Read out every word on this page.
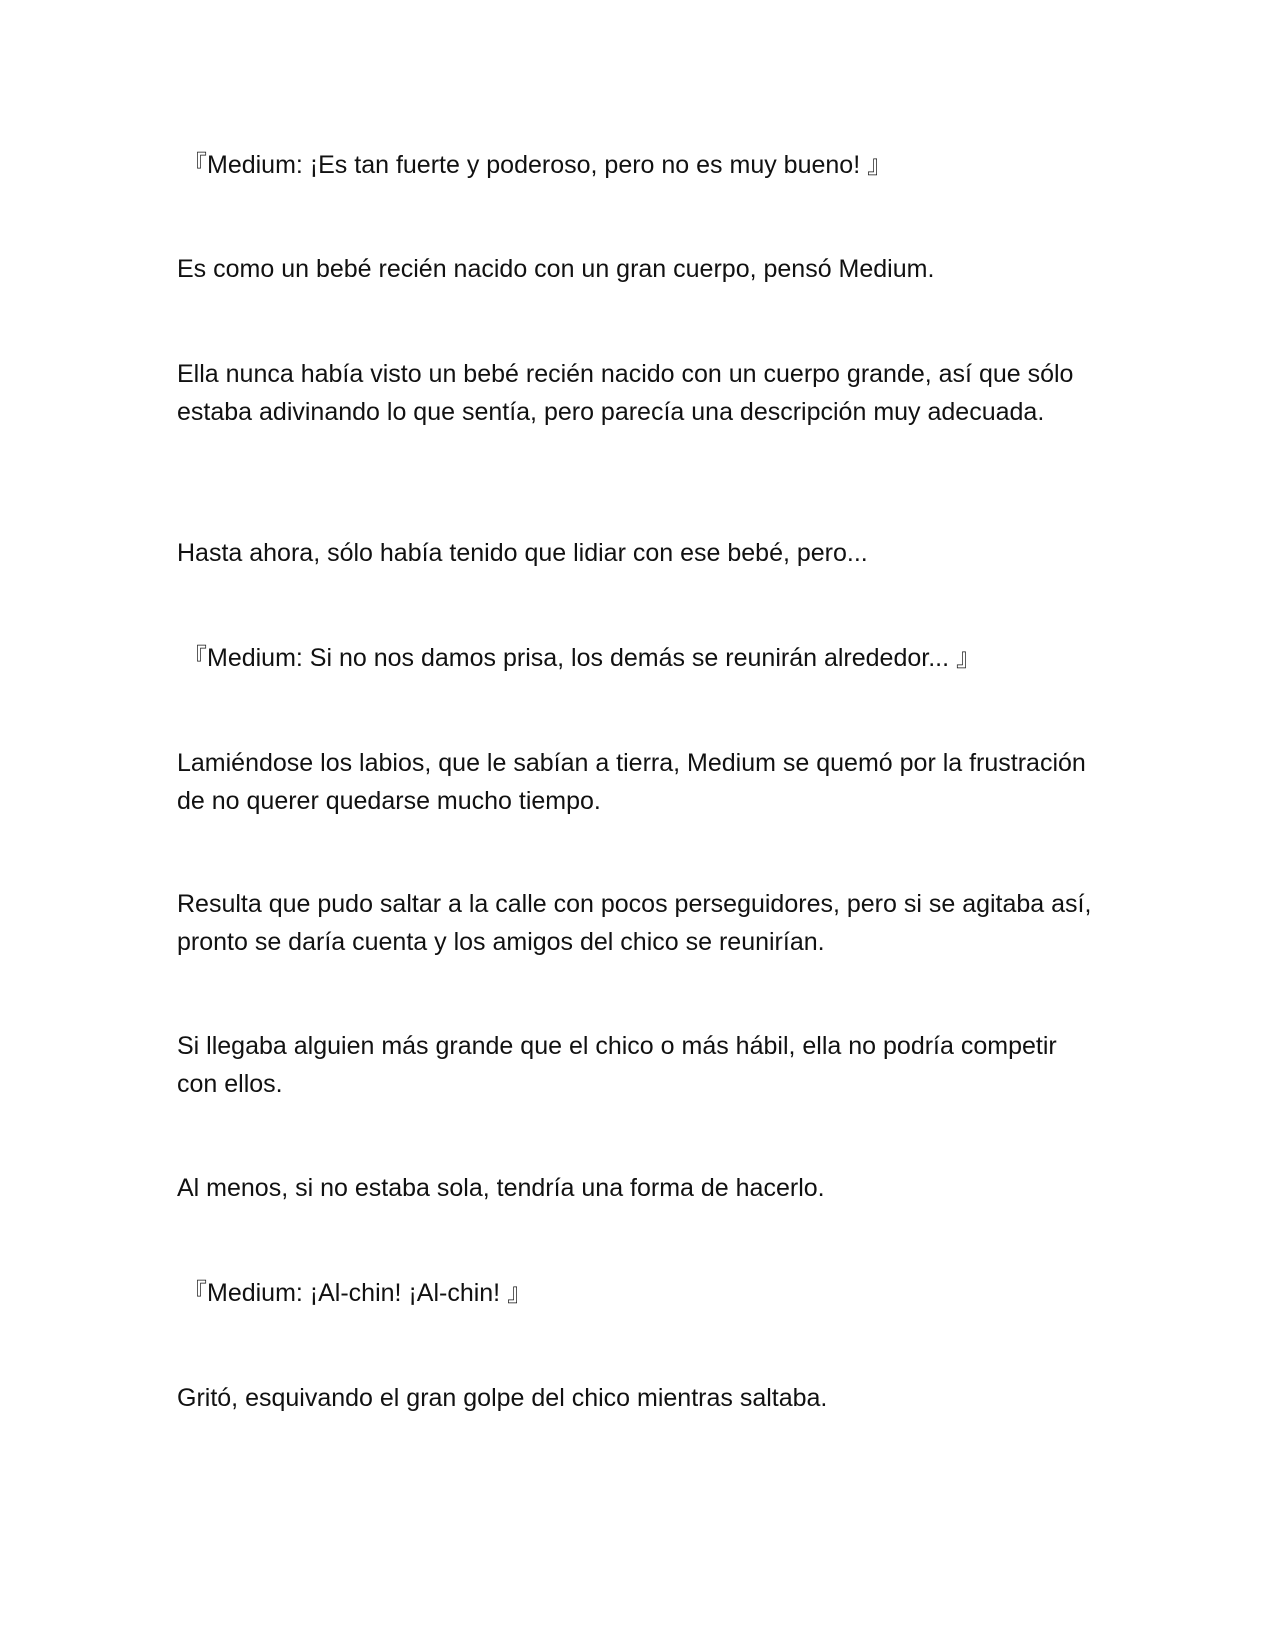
『Medium: ¡Es tan fuerte y poderoso, pero no es muy bueno! 』

Es como un bebé recién nacido con un gran cuerpo, pensó Medium.

Ella nunca había visto un bebé recién nacido con un cuerpo grande, así que sólo estaba adivinando lo que sentía, pero parecía una descripción muy adecuada.

Hasta ahora, sólo había tenido que lidiar con ese bebé, pero...

『Medium: Si no nos damos prisa, los demás se reunirán alrededor... 』

Lamiéndose los labios, que le sabían a tierra, Medium se quemó por la frustración de no querer quedarse mucho tiempo.

Resulta que pudo saltar a la calle con pocos perseguidores, pero si se agitaba así, pronto se daría cuenta y los amigos del chico se reunirían.

Si llegaba alguien más grande que el chico o más hábil, ella no podría competir con ellos.

Al menos, si no estaba sola, tendría una forma de hacerlo.

『Medium: ¡Al-chin! ¡Al-chin! 』

Gritó, esquivando el gran golpe del chico mientras saltaba.
